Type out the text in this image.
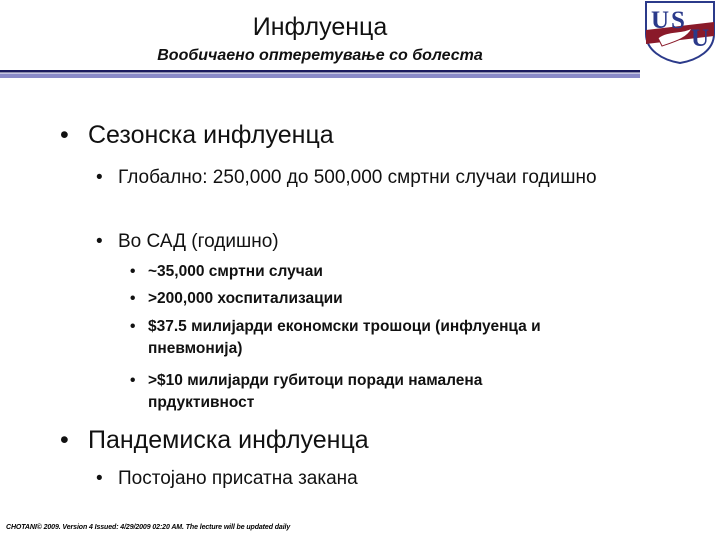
Инфлуенца
Вообичаено оптеретување со болеста
U S
U
• Сезонска инфлуенца
• Глобално: 250,000 до 500,000 смртни случаи годишно
• Во САД (годишно)
• ~35,000 смртни случаи
• >200,000 хоспитализации
• $37.5 милијарди економски трошоци (инфлуенца и пневмонија)
• >$10 милијарди губитоци поради намалена прдуктивност
• Пандемиска инфлуенца
• Постојано присатна закана
CHOTANI© 2009. Version 4 Issued: 4/29/2009 02:20 AM. The lecture will be updated daily
